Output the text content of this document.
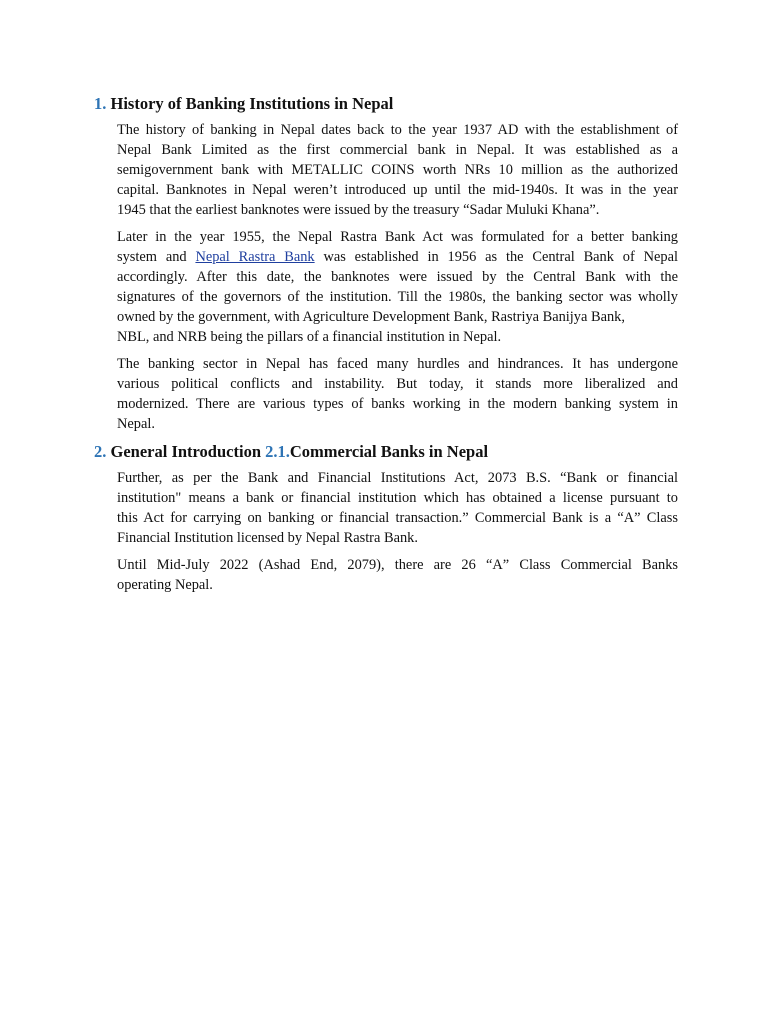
1. History of Banking Institutions in Nepal
The history of banking in Nepal dates back to the year 1937 AD with the establishment of
Nepal Bank Limited as the first commercial bank in Nepal. It was established as a
semigovernment bank with METALLIC COINS worth NRs 10 million as the authorized
capital. Banknotes in Nepal weren’t introduced up until the mid-1940s. It was in the year
1945 that the earliest banknotes were issued by the treasury “Sadar Muluki Khana”.
Later in the year 1955, the Nepal Rastra Bank Act was formulated for a better banking
system and Nepal Rastra Bank was established in 1956 as the Central Bank of Nepal
accordingly. After this date, the banknotes were issued by the Central Bank with the
signatures of the governors of the institution. Till the 1980s, the banking sector was wholly
owned by the government, with Agriculture Development Bank, Rastriya Banijya Bank,
NBL, and NRB being the pillars of a financial institution in Nepal.
The banking sector in Nepal has faced many hurdles and hindrances. It has undergone
various political conflicts and instability. But today, it stands more liberalized and
modernized. There are various types of banks working in the modern banking system in
Nepal.
2. General Introduction 2.1.Commercial Banks in Nepal
Further, as per the Bank and Financial Institutions Act, 2073 B.S. “Bank or financial
institution" means a bank or financial institution which has obtained a license pursuant to
this Act for carrying on banking or financial transaction.” Commercial Bank is a “A” Class
Financial Institution licensed by Nepal Rastra Bank.
Until Mid-July 2022 (Ashad End, 2079), there are 26 “A” Class Commercial Banks
operating Nepal.
